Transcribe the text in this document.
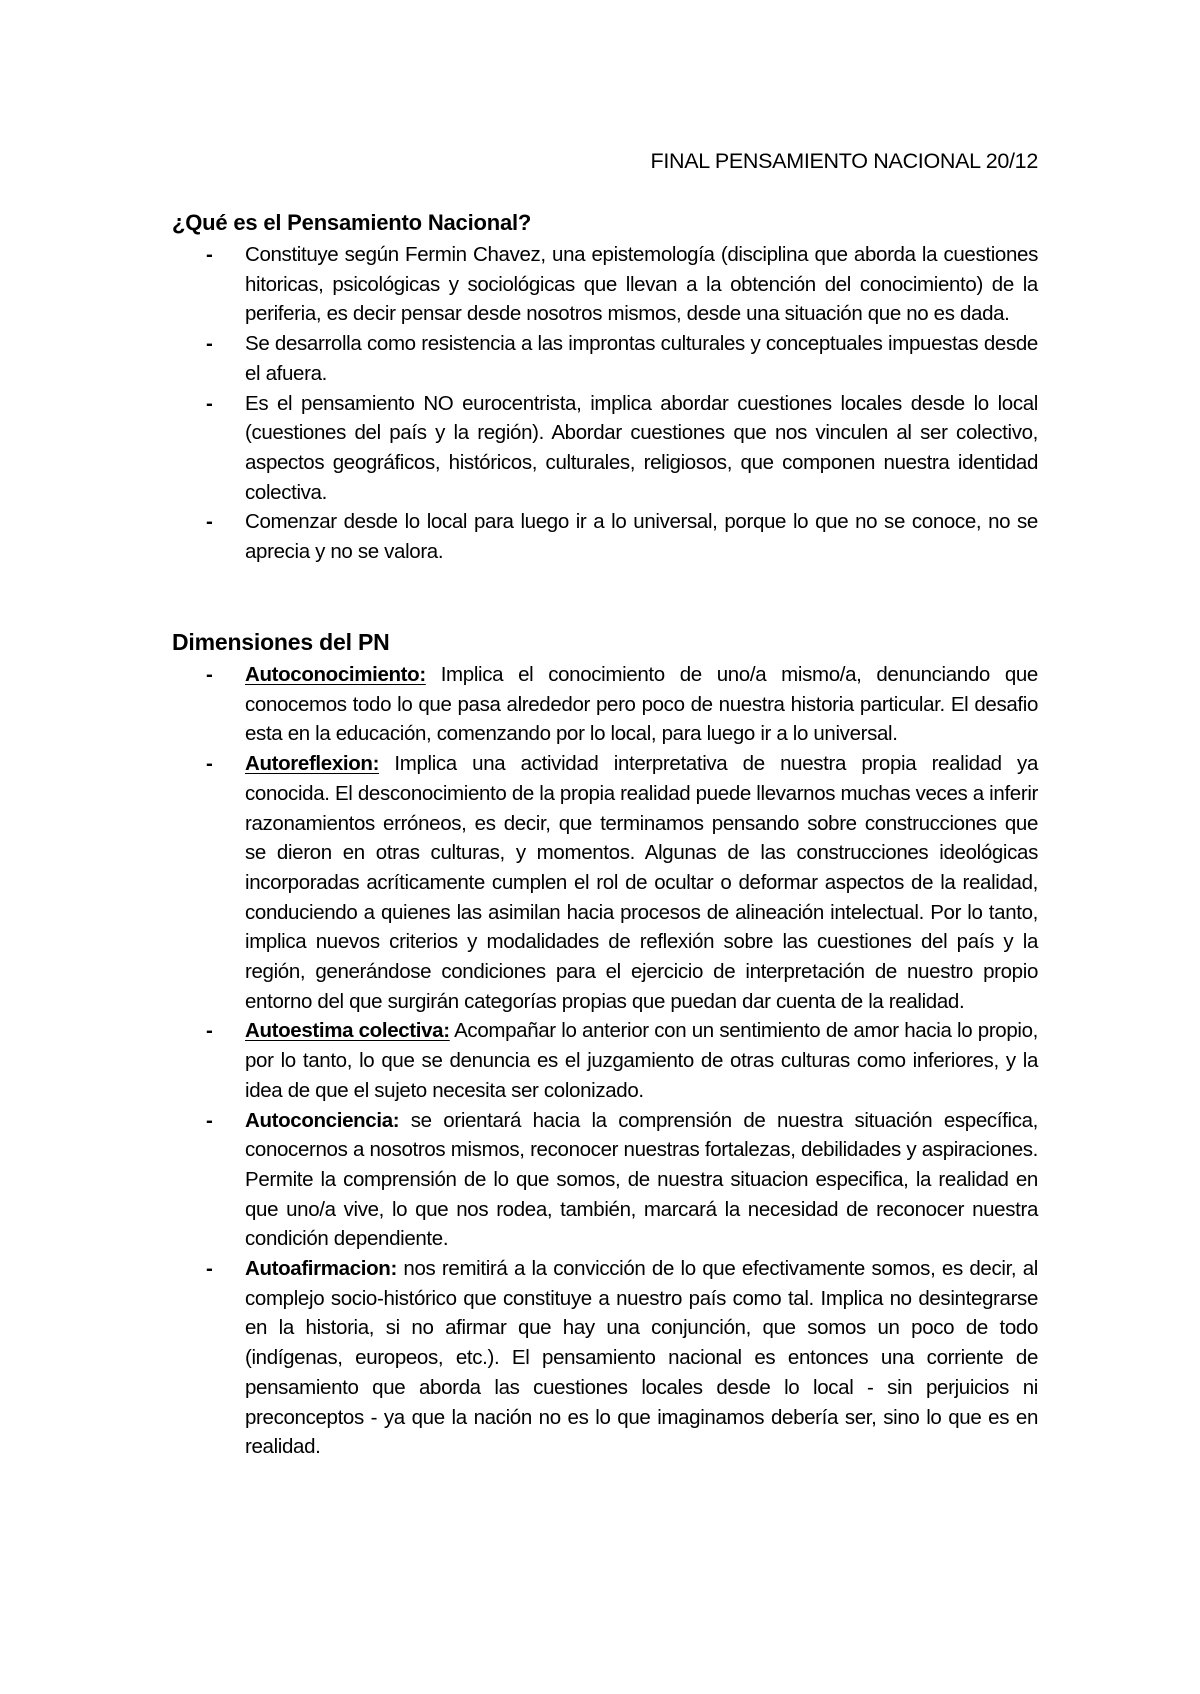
FINAL PENSAMIENTO NACIONAL 20/12
¿Qué es el Pensamiento Nacional?
- Constituye según Fermin Chavez, una epistemología (disciplina que aborda la cuestiones hitoricas, psicológicas y sociológicas que llevan a la obtención del conocimiento) de la periferia, es decir pensar desde nosotros mismos, desde una situación que no es dada.
- Se desarrolla como resistencia a las improntas culturales y conceptuales impuestas desde el afuera.
- Es el pensamiento NO eurocentrista, implica abordar cuestiones locales desde lo local (cuestiones del país y la región). Abordar cuestiones que nos vinculen al ser colectivo, aspectos geográficos, históricos, culturales, religiosos, que componen nuestra identidad colectiva.
- Comenzar desde lo local para luego ir a lo universal, porque lo que no se conoce, no se aprecia y no se valora.
Dimensiones del PN
- Autoconocimiento: Implica el conocimiento de uno/a mismo/a, denunciando que conocemos todo lo que pasa alrededor pero poco de nuestra historia particular. El desafio esta en la educación, comenzando por lo local, para luego ir a lo universal.
- Autoreflexion: Implica una actividad interpretativa de nuestra propia realidad ya conocida. El desconocimiento de la propia realidad puede llevarnos muchas veces a inferir razonamientos erróneos, es decir, que terminamos pensando sobre construcciones que se dieron en otras culturas, y momentos. Algunas de las construcciones ideológicas incorporadas acríticamente cumplen el rol de ocultar o deformar aspectos de la realidad, conduciendo a quienes las asimilan hacia procesos de alineación intelectual. Por lo tanto, implica nuevos criterios y modalidades de reflexión sobre las cuestiones del país y la región, generándose condiciones para el ejercicio de interpretación de nuestro propio entorno del que surgirán categorías propias que puedan dar cuenta de la realidad.
- Autoestima colectiva: Acompañar lo anterior con un sentimiento de amor hacia lo propio, por lo tanto, lo que se denuncia es el juzgamiento de otras culturas como inferiores, y la idea de que el sujeto necesita ser colonizado.
- Autoconciencia: se orientará hacia la comprensión de nuestra situación específica, conocernos a nosotros mismos, reconocer nuestras fortalezas, debilidades y aspiraciones. Permite la comprensión de lo que somos, de nuestra situacion especifica, la realidad en que uno/a vive, lo que nos rodea, también, marcará la necesidad de reconocer nuestra condición dependiente.
- Autoafirmacion: nos remitirá a la convicción de lo que efectivamente somos, es decir, al complejo socio-histórico que constituye a nuestro país como tal. Implica no desintegrarse en la historia, si no afirmar que hay una conjunción, que somos un poco de todo (indígenas, europeos, etc.). El pensamiento nacional es entonces una corriente de pensamiento que aborda las cuestiones locales desde lo local - sin perjuicios ni preconceptos - ya que la nación no es lo que imaginamos debería ser, sino lo que es en realidad.
